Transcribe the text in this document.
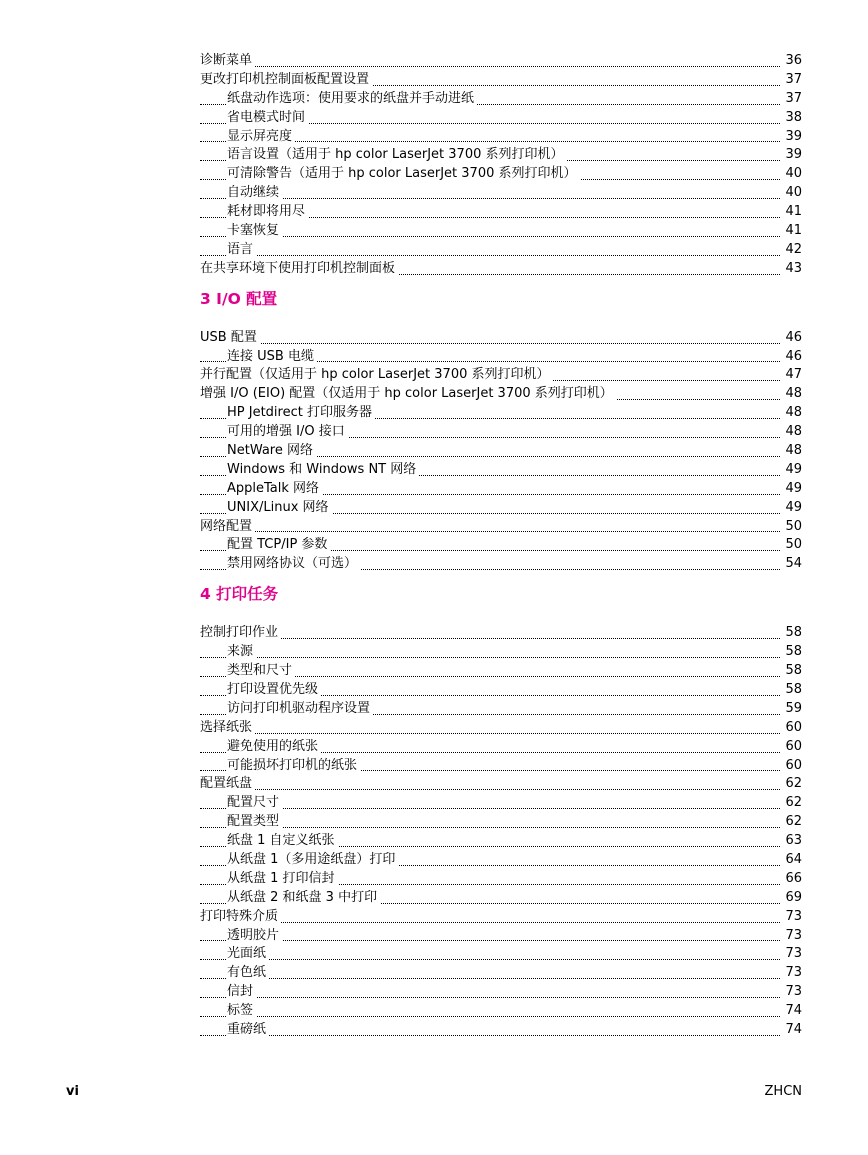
诊断菜单	36
更改打印机控制面板配置设置	37
纸盘动作选项：使用要求的纸盘并手动进纸	37
省电模式时间	38
显示屏亮度	39
语言设置（适用于 hp color LaserJet 3700 系列打印机）	39
可清除警告（适用于 hp color LaserJet 3700 系列打印机）	40
自动继续	40
耗材即将用尽	41
卡塞恢复	41
语言	42
在共享环境下使用打印机控制面板	43
3 I/O 配置
USB 配置	46
连接 USB 电缆	46
并行配置（仅适用于 hp color LaserJet 3700 系列打印机）	47
增强 I/O (EIO) 配置（仅适用于 hp color LaserJet 3700 系列打印机）	48
HP Jetdirect 打印服务器	48
可用的增强 I/O 接口	48
NetWare 网络	48
Windows 和 Windows NT 网络	49
AppleTalk 网络	49
UNIX/Linux 网络	49
网络配置	50
配置 TCP/IP 参数	50
禁用网络协议（可选）	54
4 打印任务
控制打印作业	58
来源	58
类型和尺寸	58
打印设置优先级	58
访问打印机驱动程序设置	59
选择纸张	60
避免使用的纸张	60
可能损坏打印机的纸张	60
配置纸盘	62
配置尺寸	62
配置类型	62
纸盘 1 自定义纸张	63
从纸盘 1（多用途纸盘）打印	64
从纸盘 1 打印信封	66
从纸盘 2 和纸盘 3 中打印	69
打印特殊介质	73
透明胶片	73
光面纸	73
有色纸	73
信封	73
标签	74
重磅纸	74
vi	ZHCN
